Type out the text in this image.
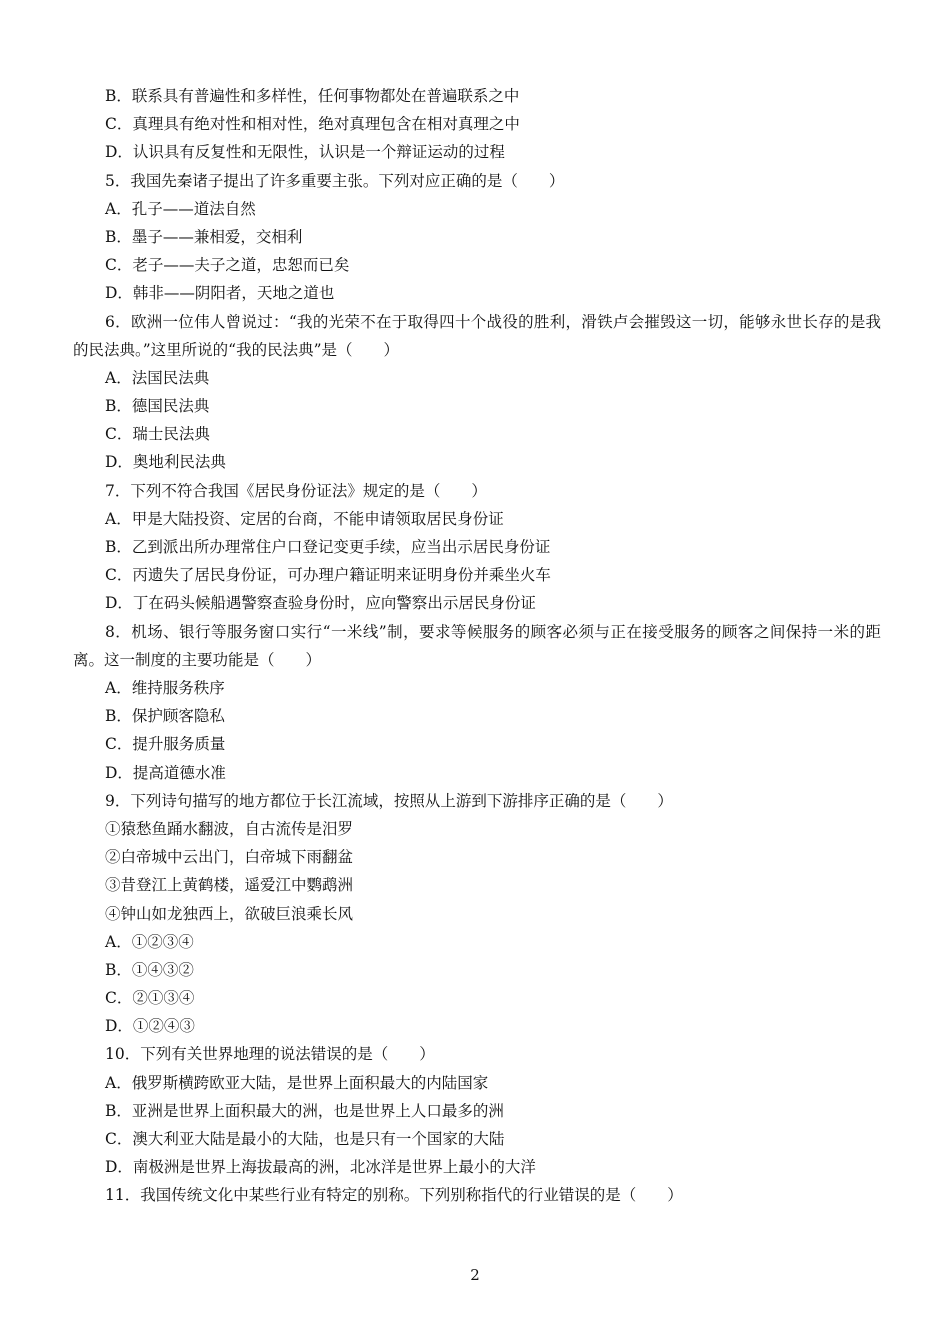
B．联系具有普遍性和多样性，任何事物都处在普遍联系之中
C．真理具有绝对性和相对性，绝对真理包含在相对真理之中
D．认识具有反复性和无限性，认识是一个辩证运动的过程
5．我国先秦诸子提出了许多重要主张。下列对应正确的是（　　）
A．孔子——道法自然
B．墨子——兼相爱，交相利
C．老子——夫子之道，忠恕而已矣
D．韩非——阴阳者，天地之道也
6．欧洲一位伟人曾说过：“我的光荣不在于取得四十个战役的胜利，滑铁卢会摧毁这一切，能够永世长存的是我的民法典。”这里所说的“我的民法典”是（　　）
A．法国民法典
B．德国民法典
C．瑞士民法典
D．奥地利民法典
7．下列不符合我国《居民身份证法》规定的是（　　）
A．甲是大陆投资、定居的台商，不能申请领取居民身份证
B．乙到派出所办理常住户口登记变更手续，应当出示居民身份证
C．丙遗失了居民身份证，可办理户籍证明来证明身份并乘坐火车
D．丁在码头候船遇警察查验身份时，应向警察出示居民身份证
8．机场、银行等服务窗口实行“一米线”制，要求等候服务的顾客必须与正在接受服务的顾客之间保持一米的距离。这一制度的主要功能是（　　）
A．维持服务秩序
B．保护顾客隐私
C．提升服务质量
D．提高道德水准
9．下列诗句描写的地方都位于长江流域，按照从上游到下游排序正确的是（　　）
①猿愁鱼踊水翻波，自古流传是汨罗
②白帝城中云出门，白帝城下雨翻盆
③昔登江上黄鹤楼，遥爱江中鹦鹉洲
④钟山如龙独西上，欲破巨浪乘长风
A．①②③④
B．①④③②
C．②①③④
D．①②④③
10．下列有关世界地理的说法错误的是（　　）
A．俄罗斯横跨欧亚大陆，是世界上面积最大的内陆国家
B．亚洲是世界上面积最大的洲，也是世界上人口最多的洲
C．澳大利亚大陆是最小的大陆，也是只有一个国家的大陆
D．南极洲是世界上海拔最高的洲，北冰洋是世界上最小的大洋
11．我国传统文化中某些行业有特定的别称。下列别称指代的行业错误的是（　　）
2
